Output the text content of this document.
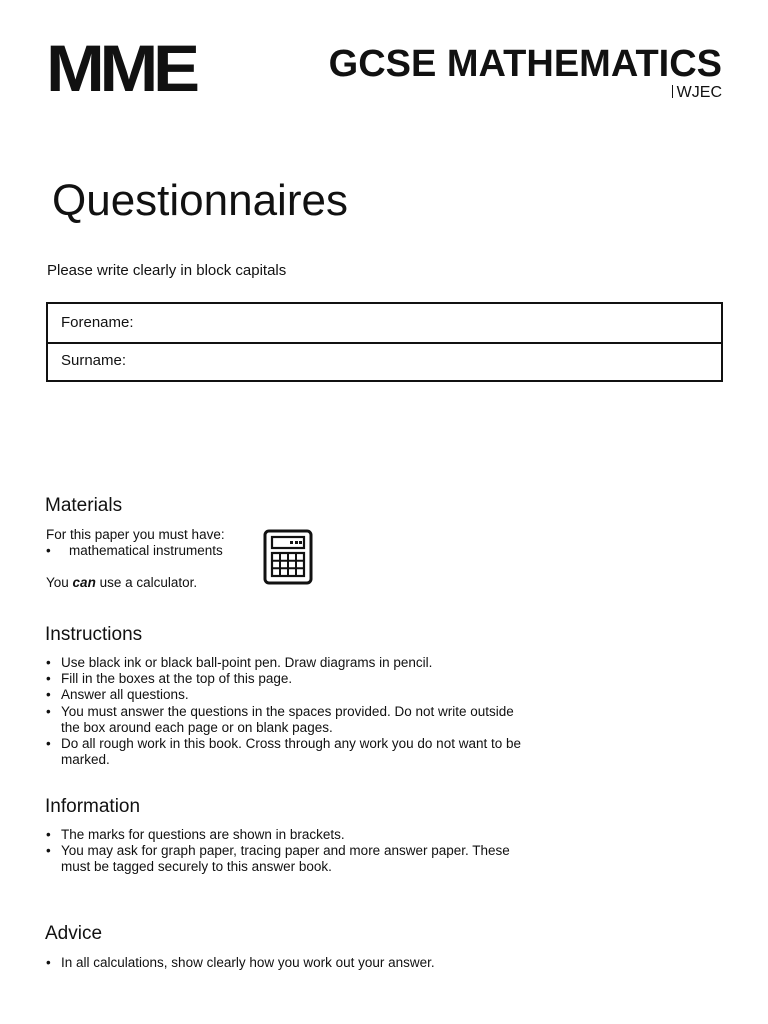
MME	GCSE MATHEMATICS
WJEC
Questionnaires
Please write clearly in block capitals
Forename:
Surname:
Materials
For this paper you must have:
• mathematical instruments
You can use a calculator.
Instructions
• Use black ink or black ball-point pen. Draw diagrams in pencil.
• Fill in the boxes at the top of this page.
• Answer all questions.
• You must answer the questions in the spaces provided. Do not write outside the box around each page or on blank pages.
• Do all rough work in this book. Cross through any work you do not want to be marked.
Information
• The marks for questions are shown in brackets.
• You may ask for graph paper, tracing paper and more answer paper. These must be tagged securely to this answer book.
Advice
• In all calculations, show clearly how you work out your answer.
